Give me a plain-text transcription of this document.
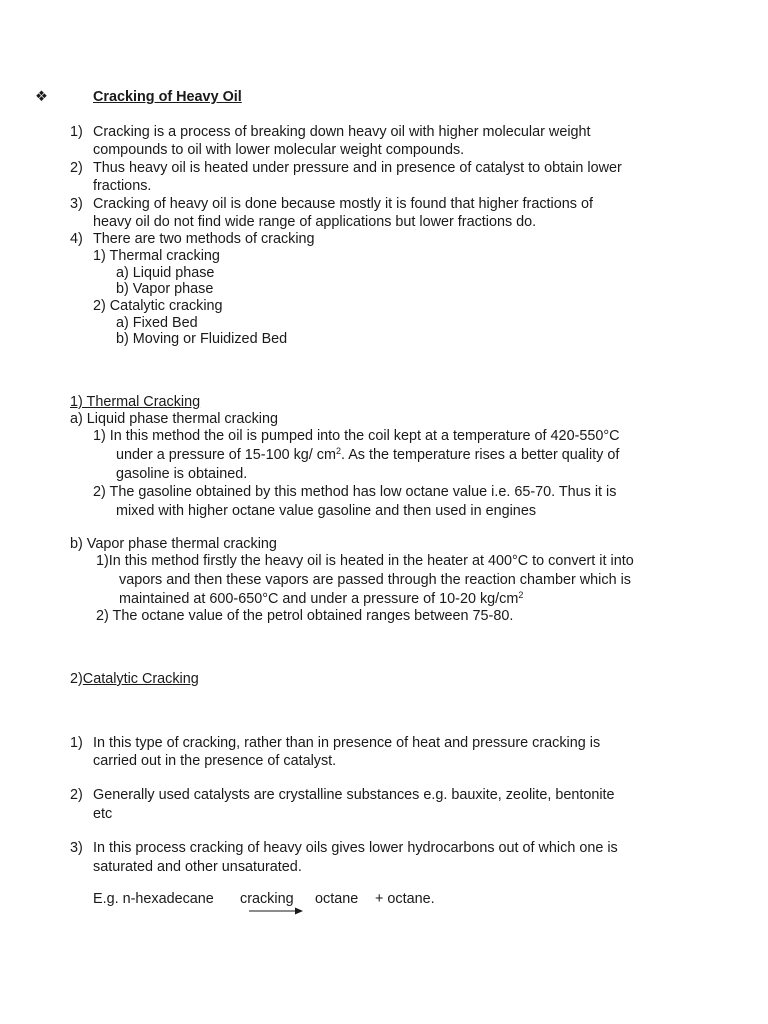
❖	Cracking of Heavy Oil
1) Cracking is a process of breaking down heavy oil with higher molecular weight
compounds to oil with lower molecular weight compounds.
2) Thus heavy oil is heated under pressure and in presence of catalyst to obtain lower
fractions.
3) Cracking of heavy oil is done because mostly it is found that higher fractions of
heavy oil do not find wide range of applications but lower fractions do.
4) There are two methods of cracking
1) Thermal cracking
a) Liquid phase
b) Vapor phase
2) Catalytic cracking
a) Fixed Bed
b) Moving or Fluidized Bed
1) Thermal Cracking
a) Liquid phase thermal cracking
1) In this method the oil is pumped into the coil kept at a temperature of 420-550°C
under a pressure of 15-100 kg/ $cm^2$. As the temperature rises a better quality of
gasoline is obtained.
2) The gasoline obtained by this method has low octane value i.e. 65-70. Thus it is
mixed with higher octane value gasoline and then used in engines
b) Vapor phase thermal cracking
1)In this method firstly the heavy oil is heated in the heater at 400°C to convert it into
vapors and then these vapors are passed through the reaction chamber which is
maintained at 600-650°C and under a pressure of 10-20 $kg/cm^2$
2) The octane value of the petrol obtained ranges between 75-80.
2)Catalytic Cracking
1) In this type of cracking, rather than in presence of heat and pressure cracking is
carried out in the presence of catalyst.
2) Generally used catalysts are crystalline substances e.g. bauxite, zeolite, bentonite
etc
3) In this process cracking of heavy oils gives lower hydrocarbons out of which one is
saturated and other unsaturated.
E.g. n-hexadecane cracking octane + octane.
